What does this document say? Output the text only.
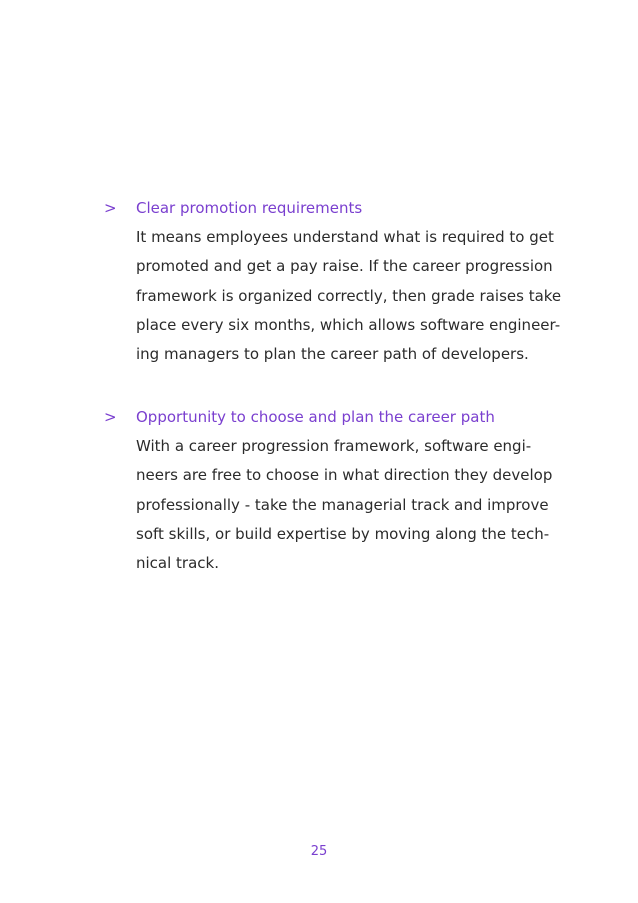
> Clear promotion requirements

It means employees understand what is required to get
promoted and get a pay raise. If the career progression
framework is organized correctly, then grade raises take
place every six months, which allows software engineer-
ing managers to plan the career path of developers.

> Opportunity to choose and plan the career path

With a career progression framework, software engi-
neers are free to choose in what direction they develop
professionally - take the managerial track and improve
soft skills, or build expertise by moving along the tech-
nical track.

25
